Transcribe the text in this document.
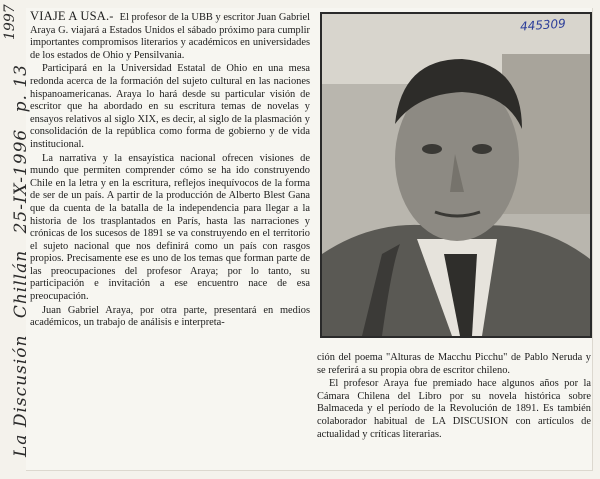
1997
La Discusión Chillán 25-IX-1996 p. 13

VIAJE A USA.- El profesor de la UBB y escritor Juan Gabriel Araya G. viajará a Estados Unidos el sábado próximo para cumplir importantes compromisos literarios y académicos en universidades de los estados de Ohio y Pensilvania.

Participará en la Universidad Estatal de Ohio en una mesa redonda acerca de la formación del sujeto cultural en las naciones hispanoamericanas. Araya lo hará desde su particular visión de escritor que ha abordado en su escritura temas de novelas y ensayos relativos al siglo XIX, es decir, al siglo de la plasmación y consolidación de la república como forma de gobierno y de vida institucional.

La narrativa y la ensayística nacional ofrecen visiones de mundo que permiten comprender cómo se ha ido construyendo Chile en la letra y en la escritura, reflejos inequívocos de la forma de ser de un país. A partir de la producción de Alberto Blest Gana que da cuenta de la batalla de la independencia para llegar a la historia de los trasplantados en París, hasta las narraciones y crónicas de los sucesos de 1891 se va construyendo en el territorio el sujeto nacional que nos definirá como un país con rasgos propios. Precisamente ese es uno de los temas que forman parte de las preocupaciones del profesor Araya; por lo tanto, su participación e invitación a ese encuentro nace de esa preocupación.

Juan Gabriel Araya, por otra parte, presentará en medios académicos, un trabajo de análisis e interpreta-

445309

ción del poema "Alturas de Macchu Picchu" de Pablo Neruda y se referirá a su propia obra de escritor chileno.

El profesor Araya fue premiado hace algunos años por la Cámara Chilena del Libro por su novela histórica sobre Balmaceda y el período de la Revolución de 1891. Es también colaborador habitual de LA DISCUSION con artículos de actualidad y críticas literarias.
